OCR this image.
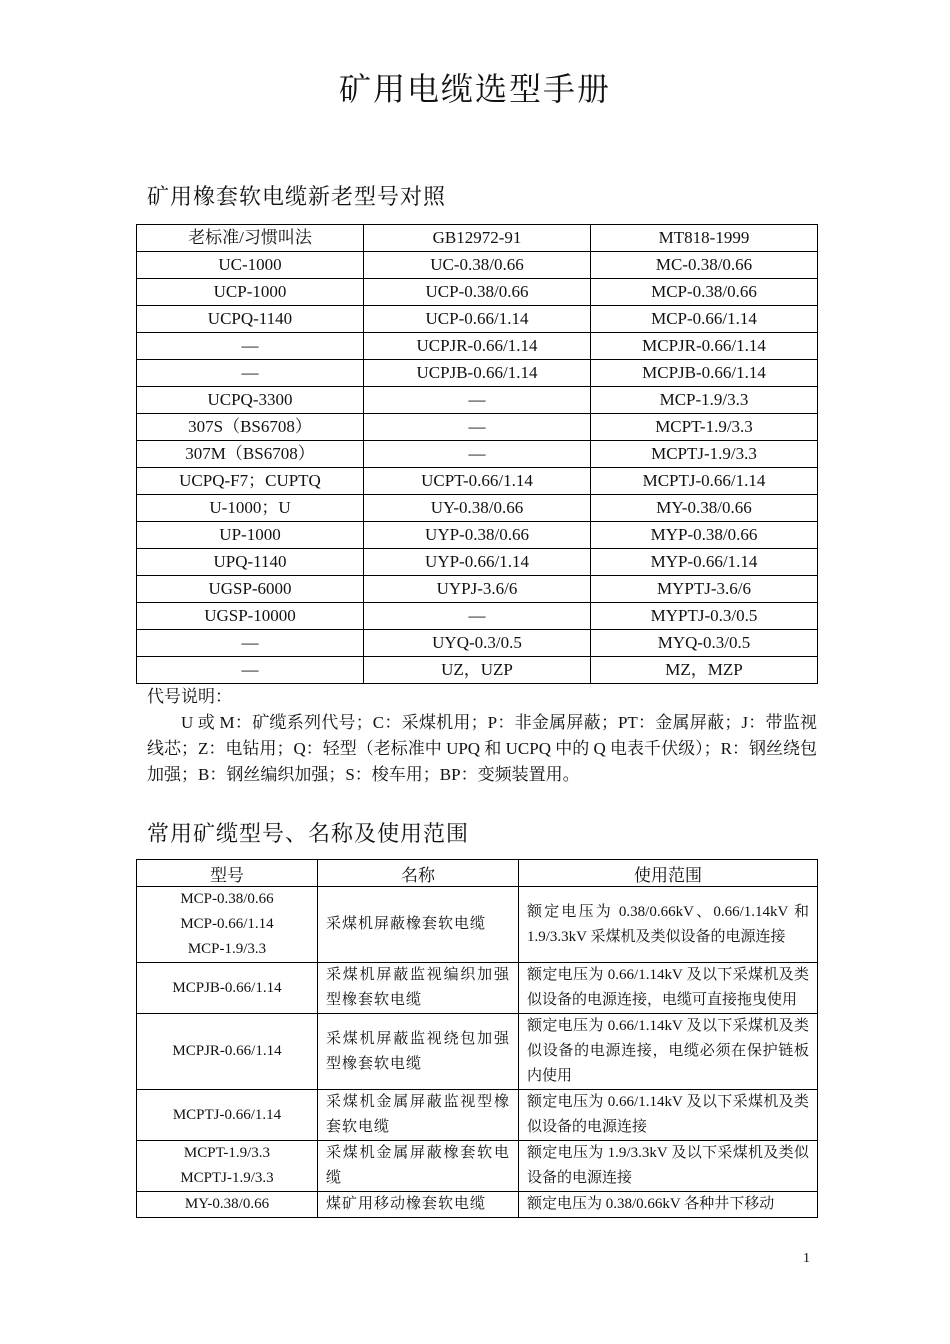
矿用电缆选型手册
矿用橡套软电缆新老型号对照
老标准/习惯叫法	GB12972-91	MT818-1999
UC-1000	UC-0.38/0.66	MC-0.38/0.66
UCP-1000	UCP-0.38/0.66	MCP-0.38/0.66
UCPQ-1140	UCP-0.66/1.14	MCP-0.66/1.14
—	UCPJR-0.66/1.14	MCPJR-0.66/1.14
—	UCPJB-0.66/1.14	MCPJB-0.66/1.14
UCPQ-3300	—	MCP-1.9/3.3
307S（BS6708）	—	MCPT-1.9/3.3
307M（BS6708）	—	MCPTJ-1.9/3.3
UCPQ-F7；CUPTQ	UCPT-0.66/1.14	MCPTJ-0.66/1.14
U-1000；U	UY-0.38/0.66	MY-0.38/0.66
UP-1000	UYP-0.38/0.66	MYP-0.38/0.66
UPQ-1140	UYP-0.66/1.14	MYP-0.66/1.14
UGSP-6000	UYPJ-3.6/6	MYPTJ-3.6/6
UGSP-10000	—	MYPTJ-0.3/0.5
—	UYQ-0.3/0.5	MYQ-0.3/0.5
—	UZ，UZP	MZ，MZP

代号说明：

U 或 M：矿缆系列代号；C：采煤机用；P：非金属屏蔽；PT：金属屏蔽；J：带监视线芯；Z：电钻用；Q：轻型（老标准中 UPQ 和 UCPQ 中的 Q 电表千伏级）；R：钢丝绕包加强；B：钢丝编织加强；S：梭车用；BP：变频装置用。

常用矿缆型号、名称及使用范围
型号	名称	使用范围

MCP-0.38/0.66
MCP-0.66/1.14
MCP-1.9/3.3	采煤机屏蔽橡套软电缆	额定电压为 0.38/0.66kV、0.66/1.14kV 和 1.9/3.3kV 采煤机及类似设备的电源连接

MCPJB-0.66/1.14	采煤机屏蔽监视编织加强型橡套软电缆	额定电压为 0.66/1.14kV 及以下采煤机及类似设备的电源连接，电缆可直接拖曳使用

MCPJR-0.66/1.14	采煤机屏蔽监视绕包加强型橡套软电缆	额定电压为 0.66/1.14kV 及以下采煤机及类似设备的电源连接，电缆必须在保护链板内使用

MCPTJ-0.66/1.14	采煤机金属屏蔽监视型橡套软电缆	额定电压为 0.66/1.14kV 及以下采煤机及类似设备的电源连接

MCPT-1.9/3.3
MCPTJ-1.9/3.3	采煤机金属屏蔽橡套软电缆	额定电压为 1.9/3.3kV 及以下采煤机及类似设备的电源连接

MY-0.38/0.66	煤矿用移动橡套软电缆	额定电压为 0.38/0.66kV 各种井下移动
1
